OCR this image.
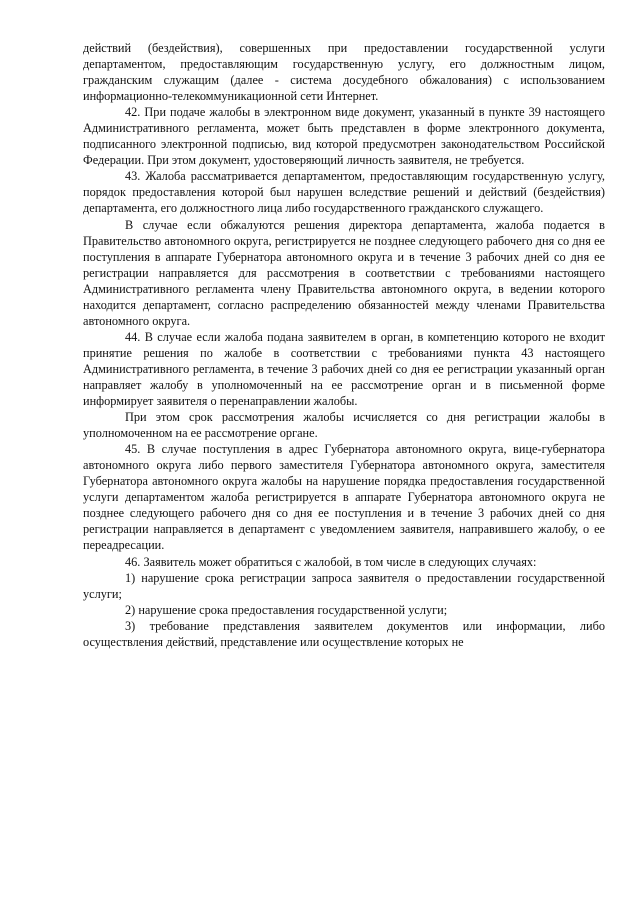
действий (бездействия), совершенных при предоставлении государственной услуги департаментом, предоставляющим государственную услугу, его должностным лицом, гражданским служащим (далее - система досудебного обжалования) с использованием информационно-телекоммуникационной сети Интернет.

42. При подаче жалобы в электронном виде документ, указанный в пункте 39 настоящего Административного регламента, может быть представлен в форме электронного документа, подписанного электронной подписью, вид которой предусмотрен законодательством Российской Федерации. При этом документ, удостоверяющий личность заявителя, не требуется.

43. Жалоба рассматривается департаментом, предоставляющим государственную услугу, порядок предоставления которой был нарушен вследствие решений и действий (бездействия) департамента, его должностного лица либо государственного гражданского служащего.

В случае если обжалуются решения директора департамента, жалоба подается в Правительство автономного округа, регистрируется не позднее следующего рабочего дня со дня ее поступления в аппарате Губернатора автономного округа и в течение 3 рабочих дней со дня ее регистрации направляется для рассмотрения в соответствии с требованиями настоящего Административного регламента члену Правительства автономного округа, в ведении которого находится департамент, согласно распределению обязанностей между членами Правительства автономного округа.

44. В случае если жалоба подана заявителем в орган, в компетенцию которого не входит принятие решения по жалобе в соответствии с требованиями пункта 43 настоящего Административного регламента, в течение 3 рабочих дней со дня ее регистрации указанный орган направляет жалобу в уполномоченный на ее рассмотрение орган и в письменной форме информирует заявителя о перенаправлении жалобы.

При этом срок рассмотрения жалобы исчисляется со дня регистрации жалобы в уполномоченном на ее рассмотрение органе.

45. В случае поступления в адрес Губернатора автономного округа, вице-губернатора автономного округа либо первого заместителя Губернатора автономного округа, заместителя Губернатора автономного округа жалобы на нарушение порядка предоставления государственной услуги департаментом жалоба регистрируется в аппарате Губернатора автономного округа не позднее следующего рабочего дня со дня ее поступления и в течение 3 рабочих дней со дня регистрации направляется в департамент с уведомлением заявителя, направившего жалобу, о ее переадресации.

46. Заявитель может обратиться с жалобой, в том числе в следующих случаях:

1) нарушение срока регистрации запроса заявителя о предоставлении государственной услуги;

2) нарушение срока предоставления государственной услуги;

3) требование представления заявителем документов или информации, либо осуществления действий, представление или осуществление которых не
